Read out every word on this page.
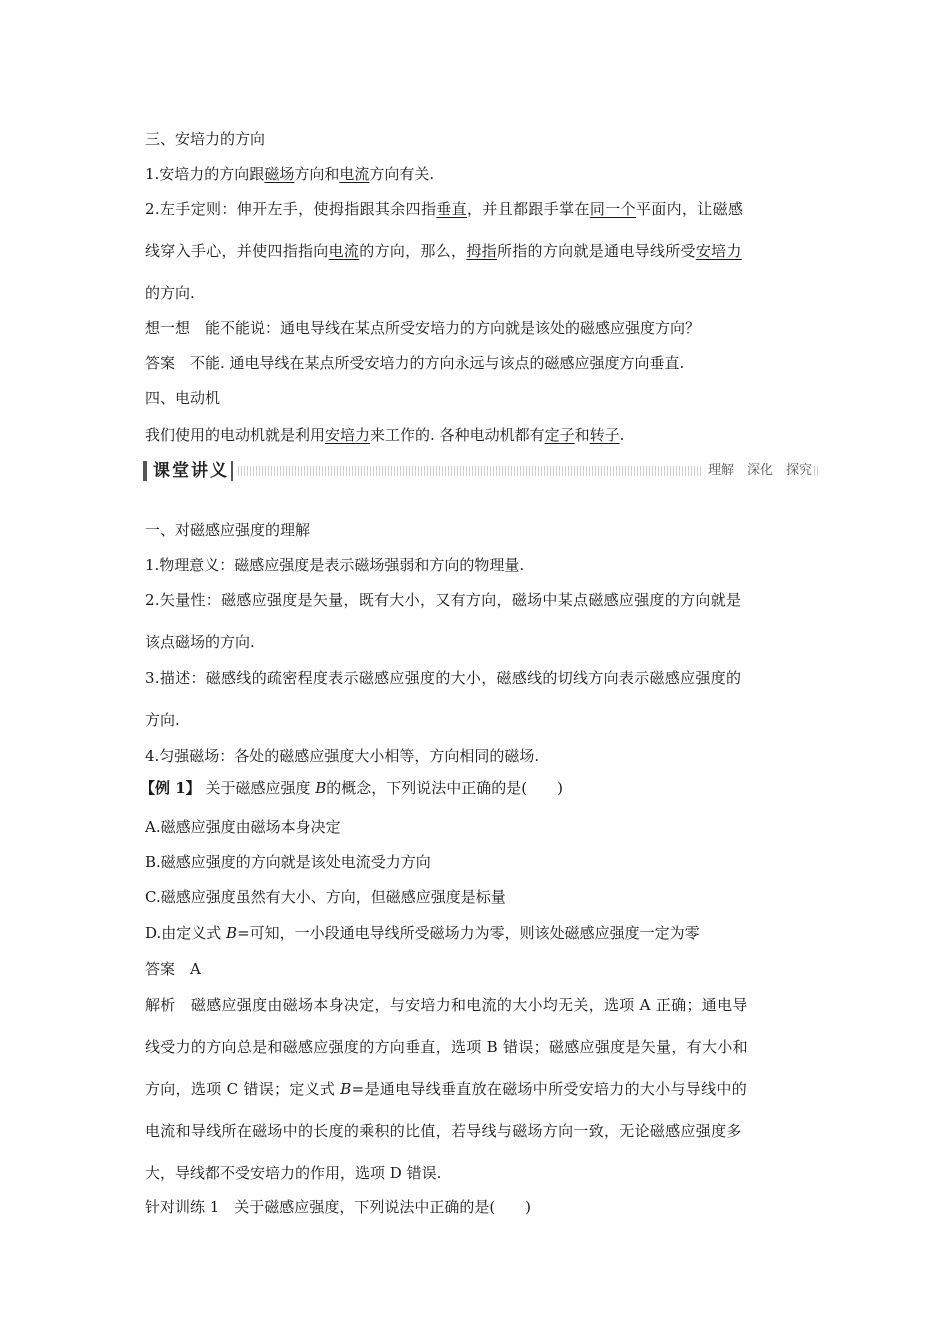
三、安培力的方向
1.安培力的方向跟磁场方向和电流方向有关.
2.左手定则：伸开左手，使拇指跟其余四指垂直，并且都跟手掌在同一个平面内，让磁感
线穿入手心，并使四指指向电流的方向，那么，拇指所指的方向就是通电导线所受安培力
的方向.
想一想　能不能说：通电导线在某点所受安培力的方向就是该处的磁感应强度方向？
答案　不能. 通电导线在某点所受安培力的方向永远与该点的磁感应强度方向垂直.
四、电动机
我们使用的电动机就是利用安培力来工作的. 各种电动机都有定子和转子.
课堂讲义	理解　深化　探究
一、对磁感应强度的理解
1.物理意义：磁感应强度是表示磁场强弱和方向的物理量.
2.矢量性：磁感应强度是矢量，既有大小，又有方向，磁场中某点磁感应强度的方向就是
该点磁场的方向.
3.描述：磁感线的疏密程度表示磁感应强度的大小，磁感线的切线方向表示磁感应强度的
方向.
4.匀强磁场：各处的磁感应强度大小相等，方向相同的磁场.
【例 1】 关于磁感应强度 B的概念，下列说法中正确的是(　　)
A.磁感应强度由磁场本身决定
B.磁感应强度的方向就是该处电流受力方向
C.磁感应强度虽然有大小、方向，但磁感应强度是标量
D.由定义式 B=可知，一小段通电导线所受磁场力为零，则该处磁感应强度一定为零
答案　A
解析　磁感应强度由磁场本身决定，与安培力和电流的大小均无关，选项 A 正确；通电导
线受力的方向总是和磁感应强度的方向垂直，选项 B 错误；磁感应强度是矢量，有大小和
方向，选项 C 错误；定义式 B=是通电导线垂直放在磁场中所受安培力的大小与导线中的
电流和导线所在磁场中的长度的乘积的比值，若导线与磁场方向一致，无论磁感应强度多
大，导线都不受安培力的作用，选项 D 错误.
针对训练 1　关于磁感应强度，下列说法中正确的是(　　)
